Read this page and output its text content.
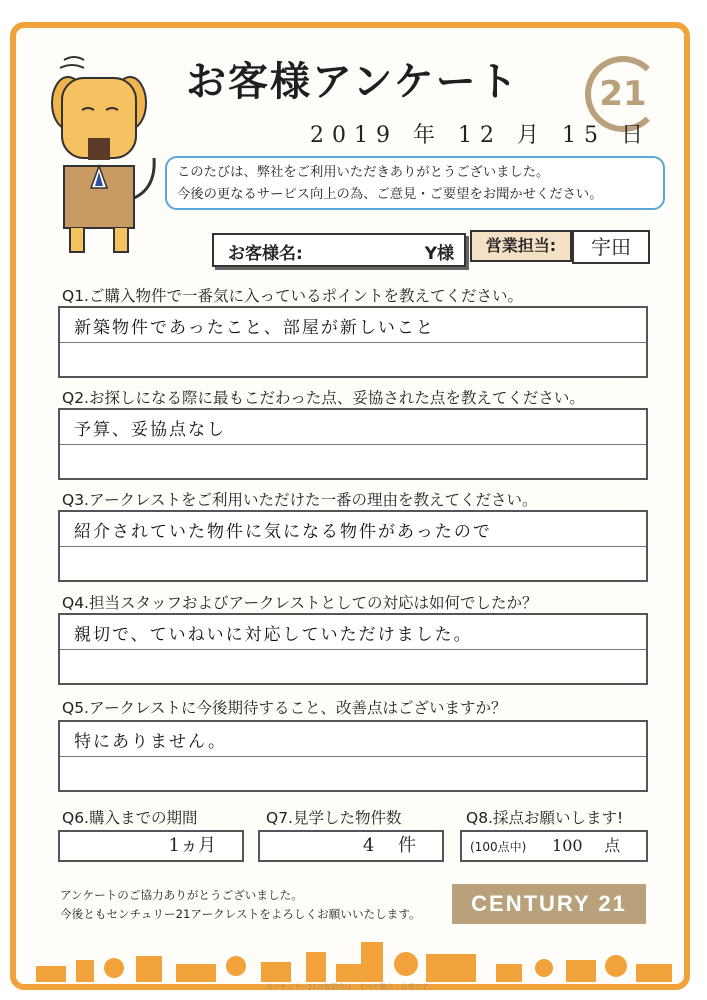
お客様アンケート	21
2019 年 12 月 15 日
このたびは、弊社をご利用いただきありがとうございました。
今後の更なるサービス向上の為、ご意見・ご要望をお聞かせください。
お客様名:	Y様	営業担当:	宇田
Q1.ご購入物件で一番気に入っているポイントを教えてください。
新築物件であったこと、部屋が新しいこと
Q2.お探しになる際に最もこだわった点、妥協された点を教えてください。
予算、妥協点なし
Q3.アークレストをご利用いただけた一番の理由を教えてください。
紹介されていた物件に気になる物件があったので
Q4.担当スタッフおよびアークレストとしての対応は如何でしたか？
親切で、ていねいに対応していただけました。
Q5.アークレストに今後期待すること、改善点はございますか？
特にありません。
Q6.購入までの期間
1ヵ月
Q7.見学した物件数
4 件
Q8.採点お願いします!
(100点中) 100 点
アンケートのご協力ありがとうございました。
今後ともセンチュリー21アークレストをよろしくお願いいたします。	CENTURY 21
センチュリー21の加盟店は、すべて独立・自営です。
